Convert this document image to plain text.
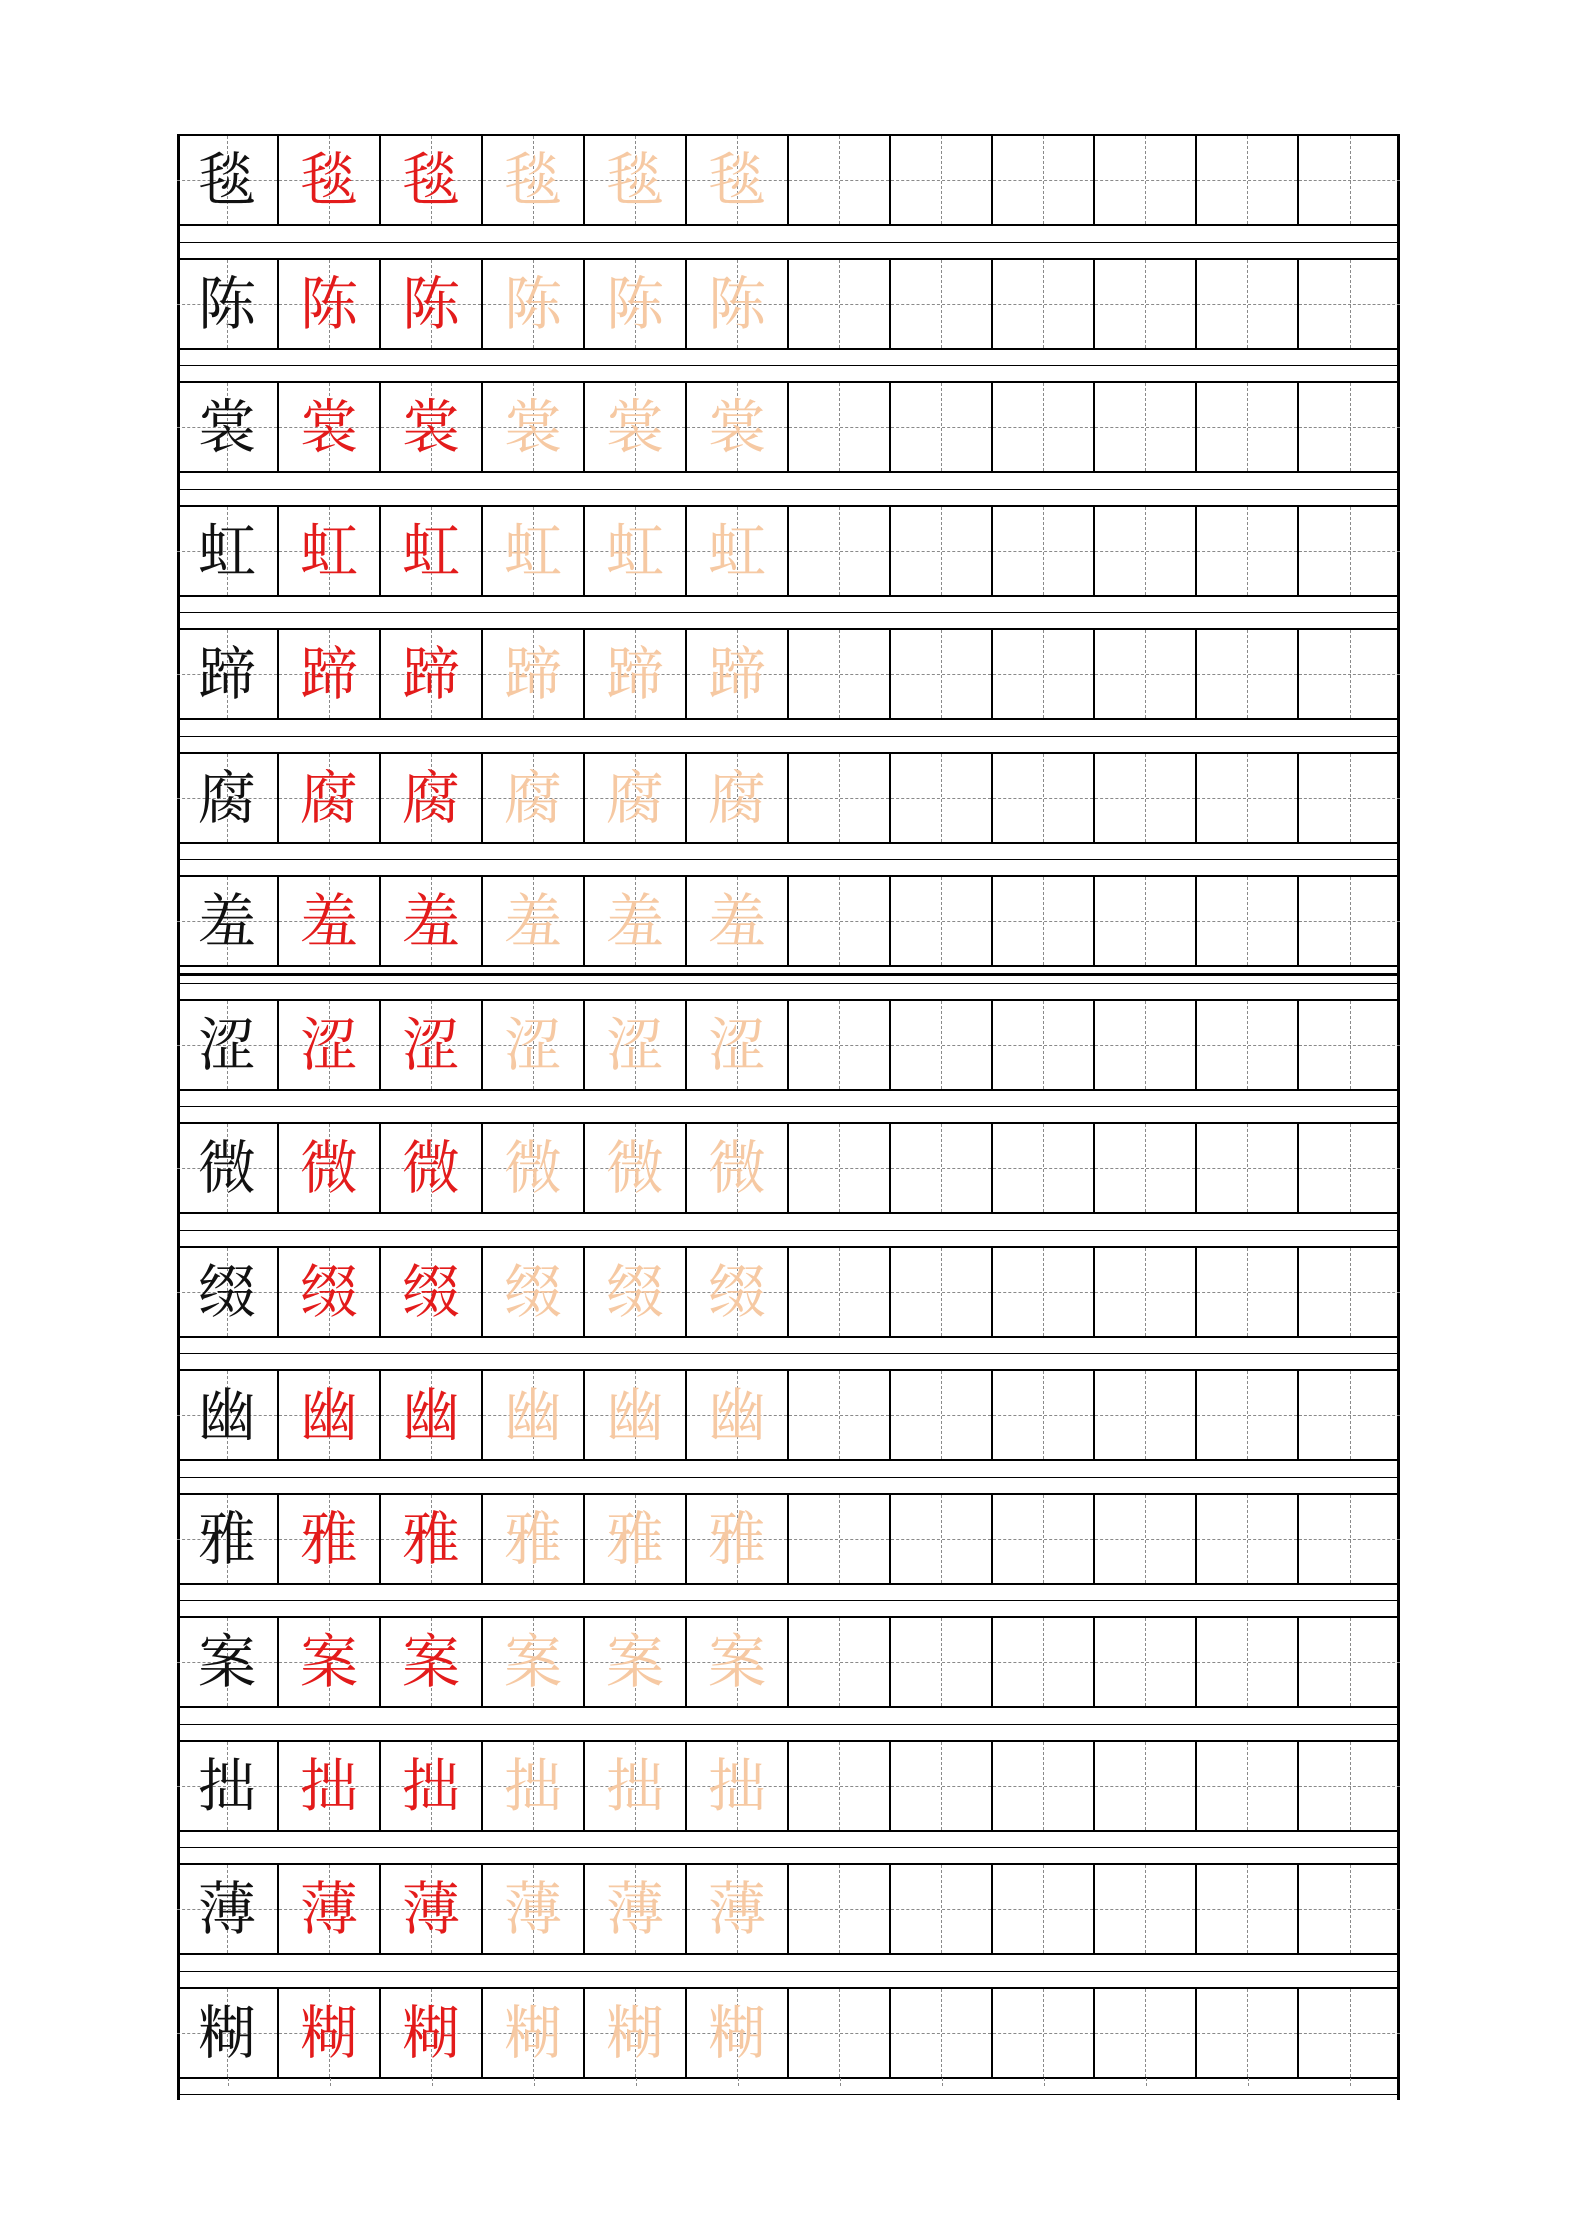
毯 毯 毯 毯 毯 毯
陈 陈 陈 陈 陈 陈
裳 裳 裳 裳 裳 裳
虹 虹 虹 虹 虹 虹
蹄 蹄 蹄 蹄 蹄 蹄
腐 腐 腐 腐 腐 腐
羞 羞 羞 羞 羞 羞
涩 涩 涩 涩 涩 涩
微 微 微 微 微 微
缀 缀 缀 缀 缀 缀
幽 幽 幽 幽 幽 幽
雅 雅 雅 雅 雅 雅
案 案 案 案 案 案
拙 拙 拙 拙 拙 拙
薄 薄 薄 薄 薄 薄
糊 糊 糊 糊 糊 糊
